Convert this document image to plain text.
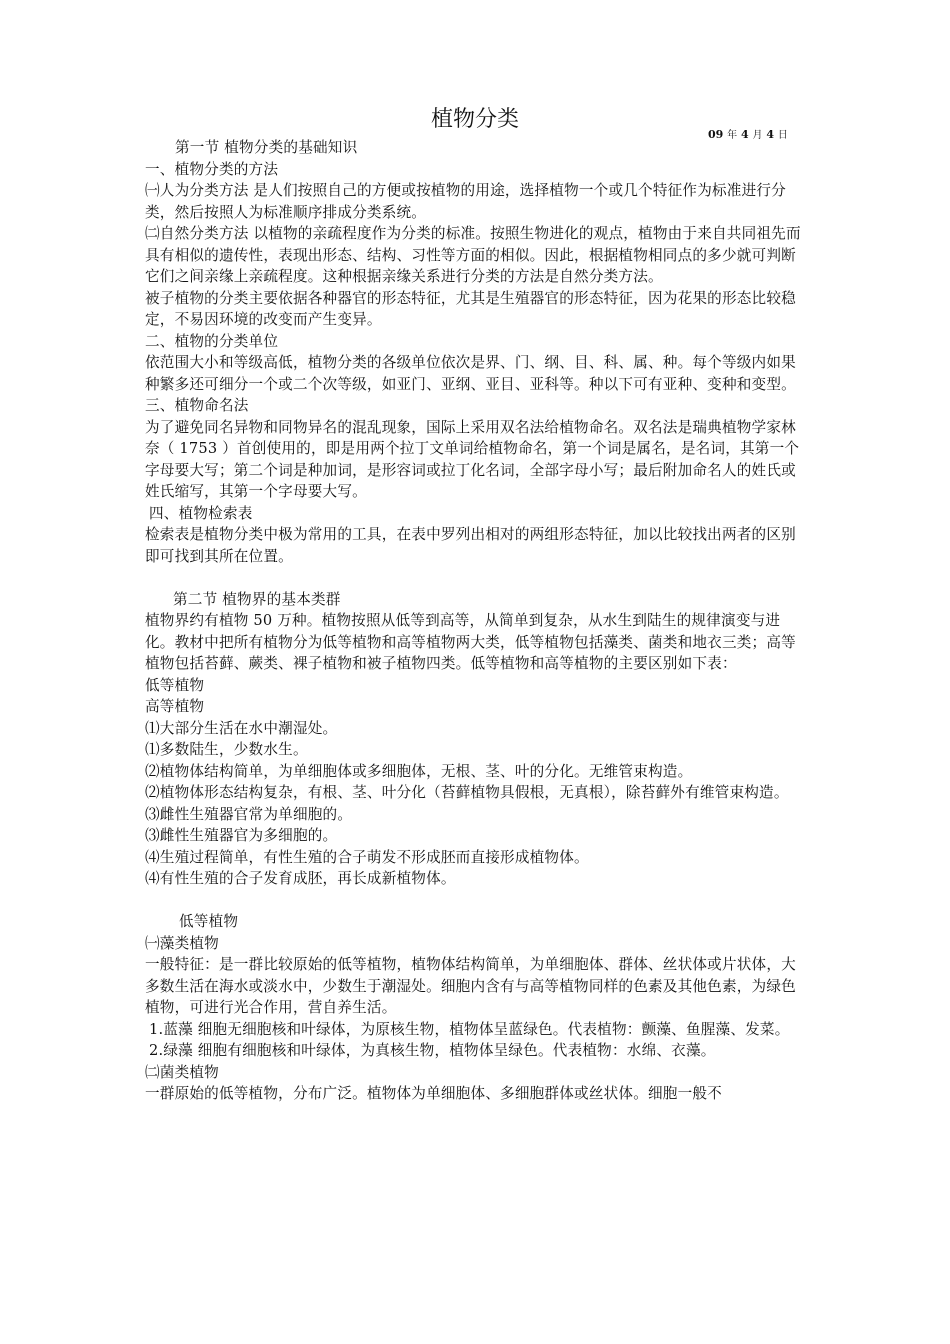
植物分类
09 年 4 月 4 日

第一节 植物分类的基础知识

一、植物分类的方法

㈠人为分类方法 是人们按照自己的方便或按植物的用途，选择植物一个或几个特征作为标准进行分类，然后按照人为标准顺序排成分类系统。

㈡自然分类方法 以植物的亲疏程度作为分类的标准。按照生物进化的观点，植物由于来自共同祖先而具有相似的遗传性，表现出形态、结构、习性等方面的相似。因此，根据植物相同点的多少就可判断它们之间亲缘上亲疏程度。这种根据亲缘关系进行分类的方法是自然分类方法。

被子植物的分类主要依据各种器官的形态特征，尤其是生殖器官的形态特征，因为花果的形态比较稳定，不易因环境的改变而产生变异。

二、植物的分类单位

依范围大小和等级高低，植物分类的各级单位依次是界、门、纲、目、科、属、种。每个等级内如果种繁多还可细分一个或二个次等级，如亚门、亚纲、亚目、亚科等。种以下可有亚种、变种和变型。

三、植物命名法

为了避免同名异物和同物异名的混乱现象，国际上采用双名法给植物命名。双名法是瑞典植物学家林奈（ 1753 ）首创使用的，即是用两个拉丁文单词给植物命名，第一个词是属名，是名词，其第一个字母要大写；第二个词是种加词，是形容词或拉丁化名词，全部字母小写；最后附加命名人的姓氏或姓氏缩写，其第一个字母要大写。

四、植物检索表

检索表是植物分类中极为常用的工具，在表中罗列出相对的两组形态特征，加以比较找出两者的区别即可找到其所在位置。

第二节 植物界的基本类群

植物界约有植物 50 万种。植物按照从低等到高等，从简单到复杂，从水生到陆生的规律演变与进化。教材中把所有植物分为低等植物和高等植物两大类，低等植物包括藻类、菌类和地衣三类；高等植物包括苔藓、蕨类、裸子植物和被子植物四类。低等植物和高等植物的主要区别如下表：

低等植物

高等植物

⑴大部分生活在水中潮湿处。

⑴多数陆生，少数水生。

⑵植物体结构简单，为单细胞体或多细胞体，无根、茎、叶的分化。无维管束构造。

⑵植物体形态结构复杂，有根、茎、叶分化（苔藓植物具假根，无真根），除苔藓外有维管束构造。

⑶雌性生殖器官常为单细胞的。

⑶雌性生殖器官为多细胞的。

⑷生殖过程简单，有性生殖的合子萌发不形成胚而直接形成植物体。

⑷有性生殖的合子发育成胚，再长成新植物体。

低等植物

㈠藻类植物

一般特征：是一群比较原始的低等植物，植物体结构简单，为单细胞体、群体、丝状体或片状体，大多数生活在海水或淡水中，少数生于潮湿处。细胞内含有与高等植物同样的色素及其他色素，为绿色植物，可进行光合作用，营自养生活。

1.蓝藻 细胞无细胞核和叶绿体，为原核生物，植物体呈蓝绿色。代表植物：颤藻、鱼腥藻、发菜。

2.绿藻 细胞有细胞核和叶绿体，为真核生物，植物体呈绿色。代表植物：水绵、衣藻。

㈡菌类植物

一群原始的低等植物，分布广泛。植物体为单细胞体、多细胞群体或丝状体。细胞一般不
